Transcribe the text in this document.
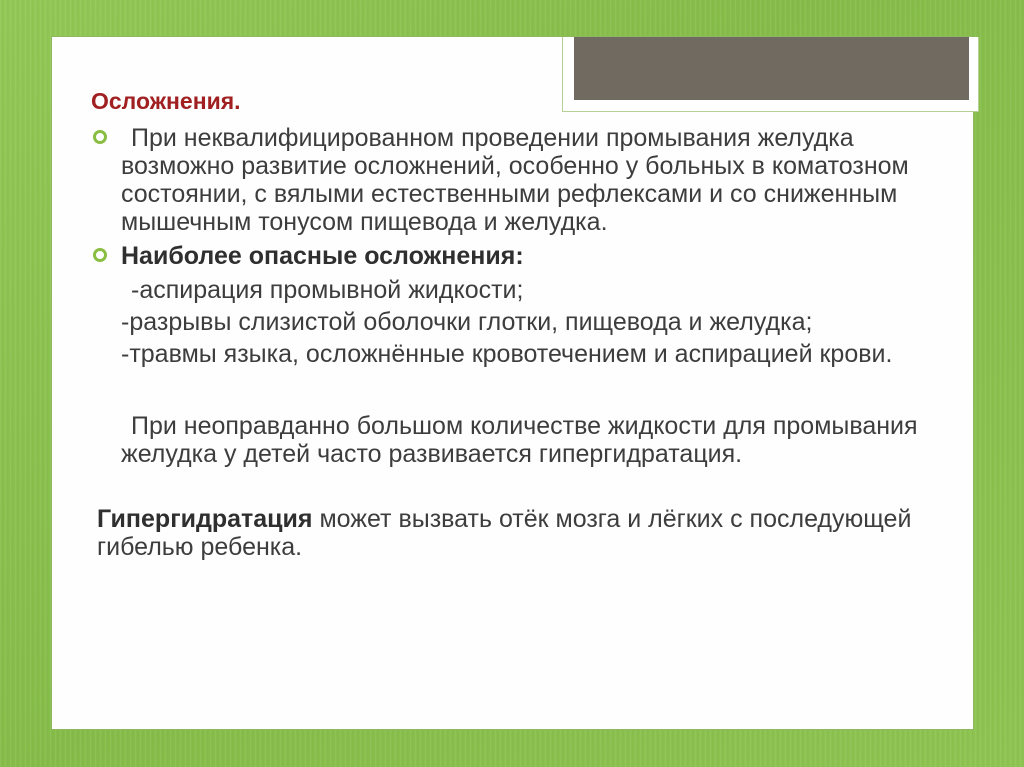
Осложнения.
При неквалифицированном проведении промывания желудка возможно развитие осложнений, особенно у больных в коматозном состоянии, с вялыми естественными рефлексами и со сниженным мышечным тонусом пищевода и желудка.
Наиболее опасные осложнения:
-аспирация промывной жидкости;
-разрывы слизистой оболочки глотки, пищевода и желудка;
-травмы языка, осложнённые кровотечением и аспирацией крови.
При неоправданно большом количестве жидкости для промывания желудка у детей часто развивается гипергидратация.
Гипергидратация может вызвать отёк мозга и лёгких с последующей гибелью ребенка.
